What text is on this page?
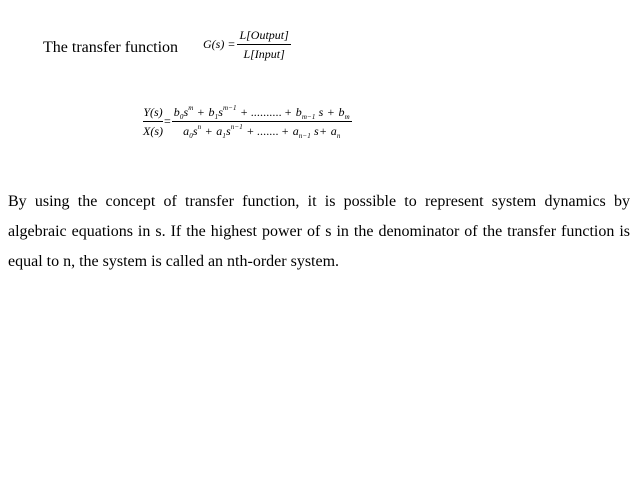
The transfer function $G(s) = \frac{\text{L[Output]}}{\text{L[Input]}}$
$\frac{Y(s)}{X(s)} = \frac{b_0s^m + b_1s^{m-1} + .......... + b_{m-1} s + b_m}{a_0s^n + a_1s^{n-1} + ....... + a_{n-1} s+ a_n}$
By using the concept of transfer function, it is possible to represent system dynamics by algebraic equations in s. If the highest power of s in the denominator of the transfer function is equal to n, the system is called an nth-order system.
